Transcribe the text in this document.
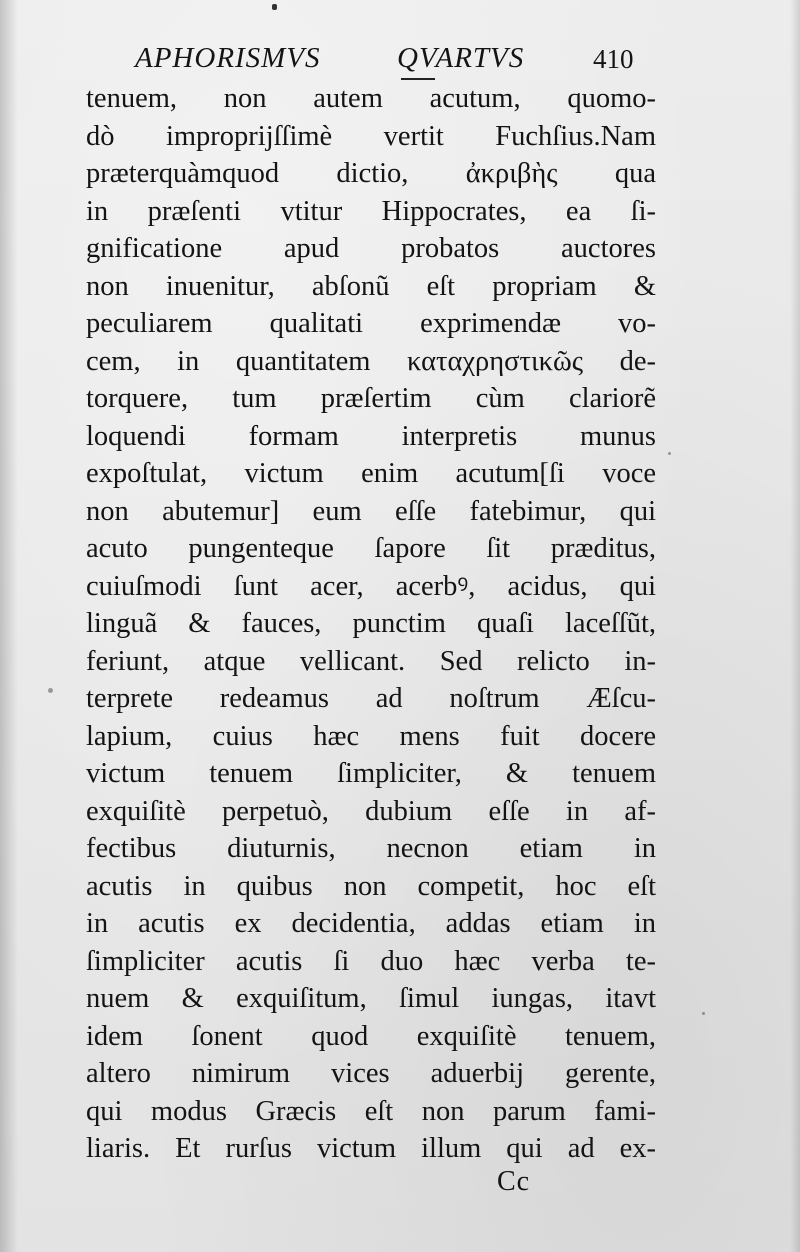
APHORISMVS	QVARTVS	410
tenuem, non autem acutum, quomo-
dò improprijſſimè vertit Fuchſius.Nam
præterquàmquod dictio, ἀκριβὴς qua
in præſenti vtitur Hippocrates, ea ſi-
gnificatione apud probatos auctores
non inuenitur, abſonũ eſt propriam &
peculiarem qualitati exprimendæ vo-
cem, in quantitatem καταχρηστικῶς de-
torquere, tum præſertim cùm clariorẽ
loquendi formam interpretis munus
expoſtulat, victum enim acutum[ſi voce
non abutemur] eum eſſe fatebimur, qui
acuto pungenteque ſapore ſit præditus,
cuiuſmodi ſunt acer, acerbꝰ, acidus, qui
linguã & fauces, punctim quaſi laceſſũt,
feriunt, atque vellicant. Sed relicto in-
terprete redeamus ad noſtrum Æſcu-
lapium, cuius hæc mens fuit docere
victum tenuem ſimpliciter, & tenuem
exquiſitè perpetuò, dubium eſſe in af-
fectibus diuturnis, necnon etiam in
acutis in quibus non competit, hoc eſt
in acutis ex decidentia, addas etiam in
ſimpliciter acutis ſi duo hæc verba te-
nuem & exquiſitum, ſimul iungas, itavt
idem ſonent quod exquiſitè tenuem,
altero nimirum vices aduerbij gerente,
qui modus Græcis eſt non parum fami-
liaris. Et rurſus victum illum qui ad ex-
Cc
